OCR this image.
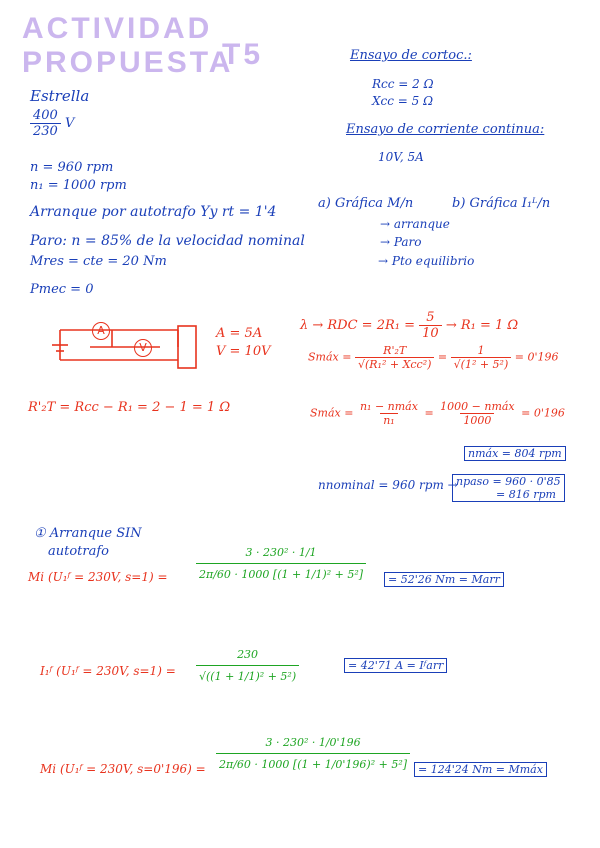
ACTIVIDAD
PROPUESTA
T5
Estrella
$\frac{400}{230}$ V
n = 960 rpm
n₁ = 1000 rpm
Arranque por autotrafo Yy rt = 1'4
Paro: n = 85% de la velocidad nominal
Mres = cte = 20 Nm
Pmec = 0
Ensayo de cortoc.:
Rcc = 2 Ω
Xcc = 5 Ω
Ensayo de corriente continua:
10V, 5A
a) Gráfica M/n	b) Gráfica I₁ᴸ/n
→ arranque
→ Paro
→ Pto equilibrio
A
V
A = 5A
V = 10V
R'₂T = Rcc − R₁ = 2 − 1 = 1 Ω
λ → RDC = $2R_1 = \frac{5}{10} \to R_1 = 1$ Ω
Smáx = $\frac{\text{R'₂T}}{\text{√(R₁² + Xcc²)}} = \frac{1}{\text{√(1² + 5²)}} = 0'196$
Smáx = $\frac{\text{n₁ − nmáx}}{\text{n₁}} = \frac{\text{1000 − nmáx}}{1000} = 0'196$
nmáx = 804 rpm
nnominal = 960 rpm →
npaso = 960 · 0'85
= 816 rpm
① Arranque SIN
autotrafo
Mi (U₁ᶠ = 230V, s=1) =	$\frac{\text{3 · 230² · 1/1}}{\text{2π/60 · 1000 [(1 + 1/1)² + 5²]}}$	= 52'26 Nm = Marr
I₁ᶠ (U₁ᶠ = 230V, $s=1) = \frac{230}{\text{√((1 + 1/1)² + 5²)}}$	= 42'71 A = Iᶠarr
Mi (U₁ᶠ = 230V, $s=0'196) = \frac{\text{3 · 230² · 1/0'196}}{\text{2π/60 · 1000 [(1 + 1/0'196)² + 5²]}} = 124'24$ Nm = Mmáx
